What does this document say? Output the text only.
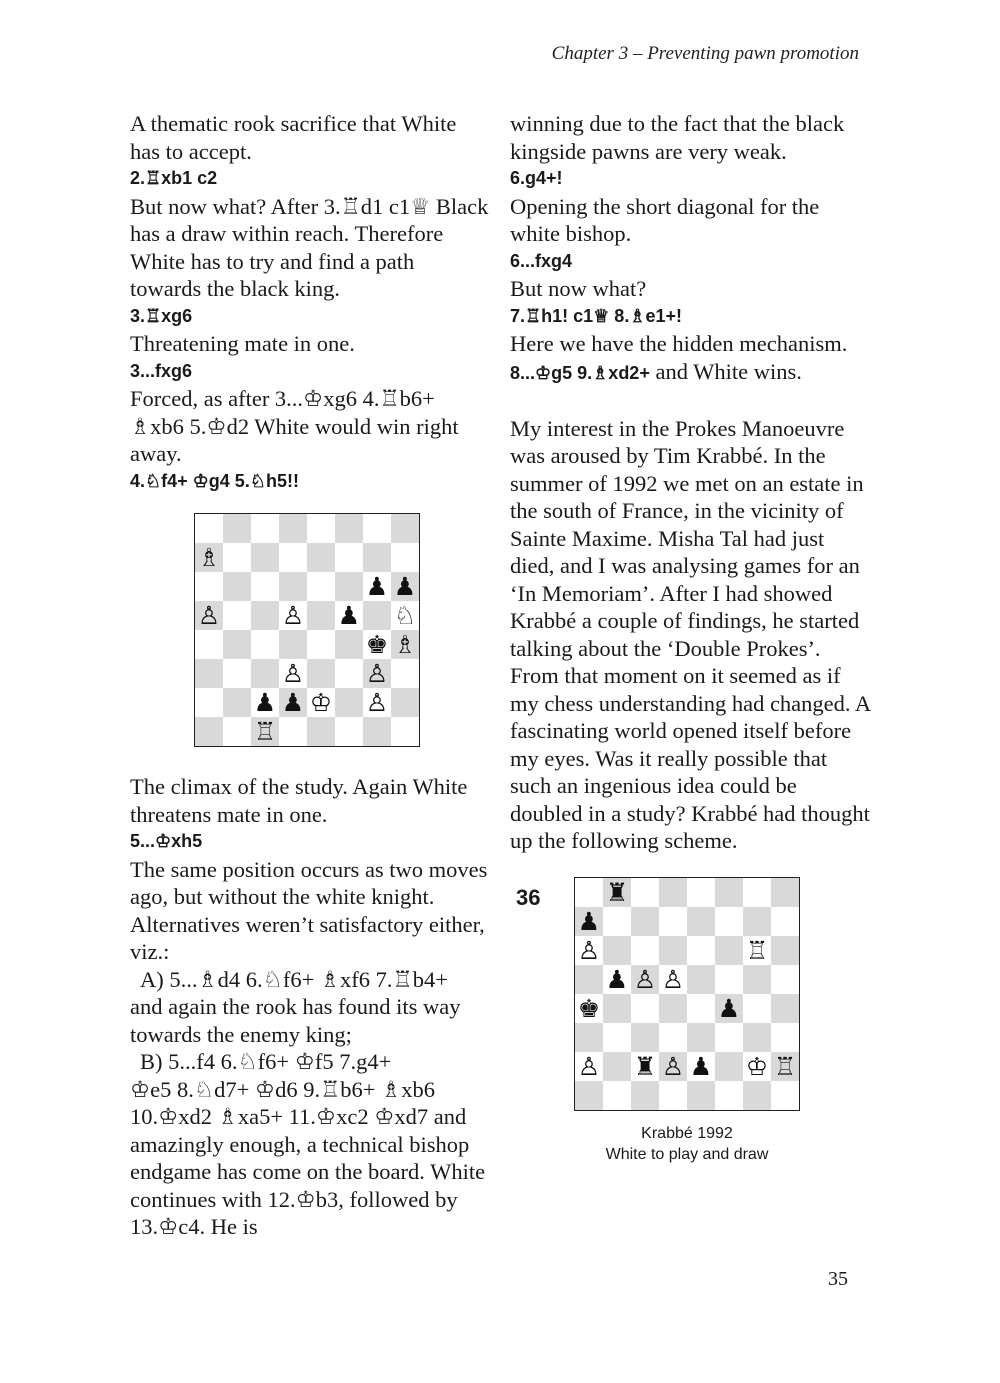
Chapter 3 – Preventing pawn promotion

A thematic rook sacrifice that White has to accept.

2.♖xb1 c2

But now what? After 3.♖d1 c1♕ Black has a draw within reach. Therefore White has to try and find a path towards the black king.

3.♖xg6

Threatening mate in one.

3...fxg6

Forced, as after 3...♔xg6 4.♖b6+ ♗xb6 5.♔d2 White would win right away.

4.♘f4+ ♔g4 5.♘h5!!

♗
♟ ♟
♙ ♙ ♟ ♘
♚ ♗
♙ ♙
♟ ♟ ♔ ♙
♖

The climax of the study. Again White threatens mate in one.

5...♔xh5

The same position occurs as two moves ago, but without the white knight. Alternatives weren’t satisfactory either, viz.:

A) 5...♗d4 6.♘f6+ ♗xf6 7.♖b4+

and again the rook has found its way towards the enemy king;

B) 5...f4 6.♘f6+ ♔f5 7.g4+

♔e5 8.♘d7+ ♔d6 9.♖b6+ ♗xb6 10.♔xd2 ♗xa5+ 11.♔xc2 ♔xd7 and amazingly enough, a technical bishop endgame has come on the board. White continues with 12.♔b3, followed by 13.♔c4. He is

winning due to the fact that the black kingside pawns are very weak.

6.g4+!

Opening the short diagonal for the white bishop.

6...fxg4

But now what?

7.♖h1! c1♕ 8.♗e1+!

Here we have the hidden mechanism.

8...♔g5 9.♗xd2+ and White wins.

My interest in the Prokes Manoeuvre was aroused by Tim Krabbé. In the summer of 1992 we met on an estate in the south of France, in the vicinity of Sainte Maxime. Misha Tal had just died, and I was analysing games for an ‘In Memoriam’. After I had showed Krabbé a couple of findings, he started talking about the ‘Double Prokes’. From that moment on it seemed as if my chess understanding had changed. A fascinating world opened itself before my eyes. Was it really possible that such an ingenious idea could be doubled in a study? Krabbé had thought up the following scheme.

36	♜
♟
♙	♖
♟ ♙ ♙
♚	♟
♙ ♜ ♙ ♟ ♔ ♖
Krabbé 1992
White to play and draw
35
